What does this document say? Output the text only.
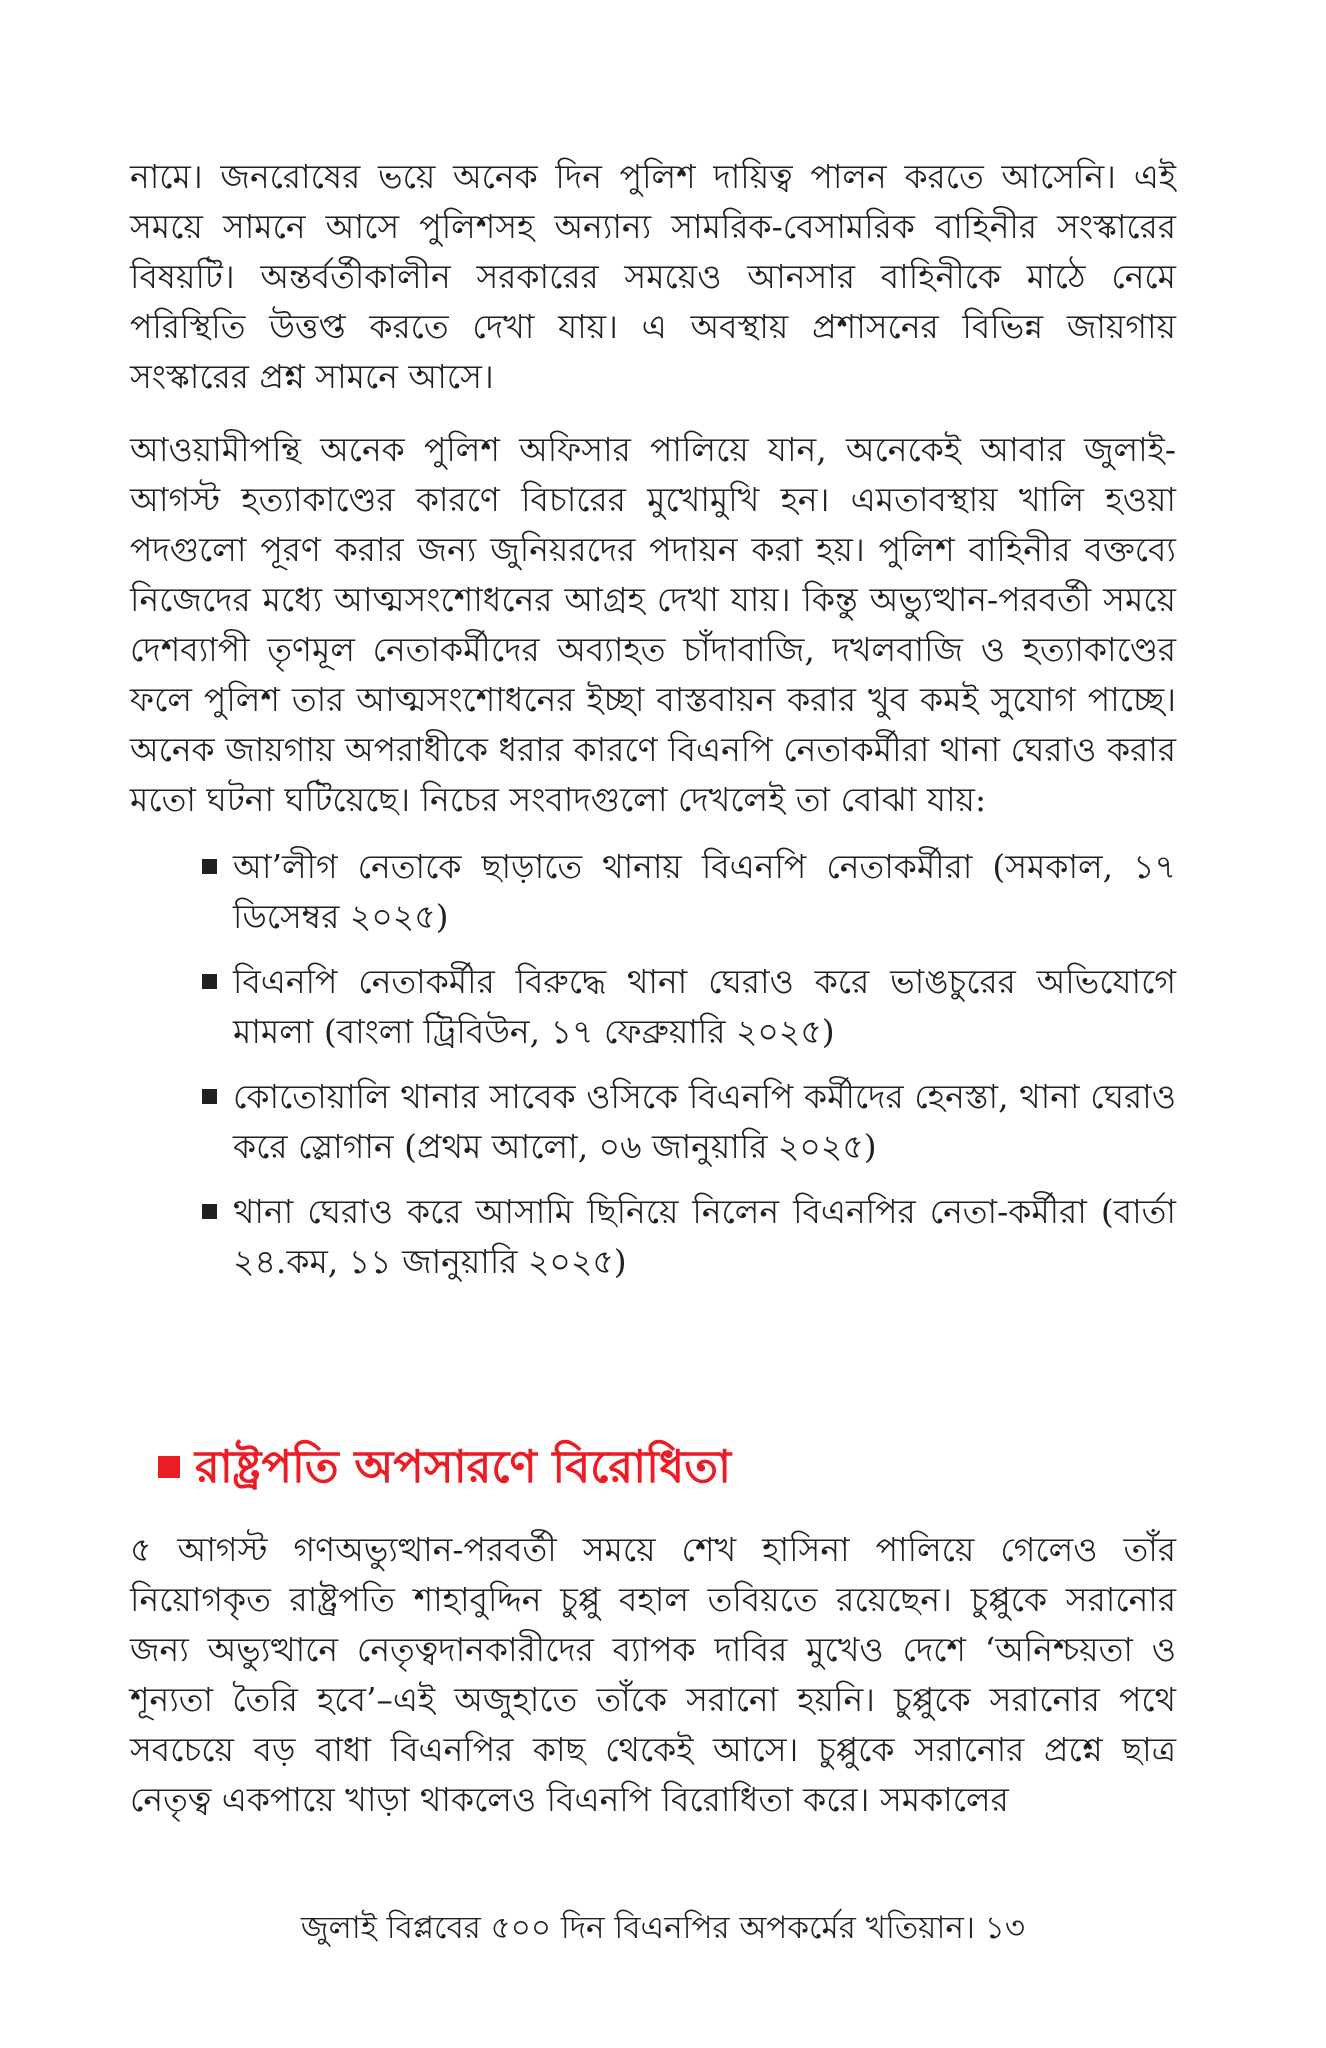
নামে। জনরোষের ভয়ে অনেক দিন পুলিশ দায়িত্ব পালন করতে আসেনি। এই সময়ে সামনে আসে পুলিশসহ অন্যান্য সামরিক-বেসামরিক বাহিনীর সংস্কারের বিষয়টি। অন্তর্বর্তীকালীন সরকারের সময়েও আনসার বাহিনীকে মাঠে নেমে পরিস্থিতি উত্তপ্ত করতে দেখা যায়। এ অবস্থায় প্রশাসনের বিভিন্ন জায়গায় সংস্কারের প্রশ্ন সামনে আসে।

আওয়ামীপন্থি অনেক পুলিশ অফিসার পালিয়ে যান, অনেকেই আবার জুলাই-আগস্ট হত্যাকাণ্ডের কারণে বিচারের মুখোমুখি হন। এমতাবস্থায় খালি হওয়া পদগুলো পূরণ করার জন্য জুনিয়রদের পদায়ন করা হয়। পুলিশ বাহিনীর বক্তব্যে নিজেদের মধ্যে আত্মসংশোধনের আগ্রহ দেখা যায়। কিন্তু অভ্যুত্থান-পরবর্তী সময়ে দেশব্যাপী তৃণমূল নেতাকর্মীদের অব্যাহত চাঁদাবাজি, দখলবাজি ও হত্যাকাণ্ডের ফলে পুলিশ তার আত্মসংশোধনের ইচ্ছা বাস্তবায়ন করার খুব কমই সুযোগ পাচ্ছে। অনেক জায়গায় অপরাধীকে ধরার কারণে বিএনপি নেতাকর্মীরা থানা ঘেরাও করার মতো ঘটনা ঘটিয়েছে। নিচের সংবাদগুলো দেখলেই তা বোঝা যায়:

আ’লীগ নেতাকে ছাড়াতে থানায় বিএনপি নেতাকর্মীরা (সমকাল, ১৭ ডিসেম্বর ২০২৫)
বিএনপি নেতাকর্মীর বিরুদ্ধে থানা ঘেরাও করে ভাঙচুরের অভিযোগে মামলা (বাংলা ট্রিবিউন, ১৭ ফেব্রুয়ারি ২০২৫)
কোতোয়ালি থানার সাবেক ওসিকে বিএনপি কর্মীদের হেনস্তা, থানা ঘেরাও করে স্লোগান (প্রথম আলো, ০৬ জানুয়ারি ২০২৫)
থানা ঘেরাও করে আসামি ছিনিয়ে নিলেন বিএনপির নেতা-কর্মীরা (বার্তা ২৪.কম, ১১ জানুয়ারি ২০২৫)
রাষ্ট্রপতি অপসারণে বিরোধিতা

৫ আগস্ট গণঅভ্যুত্থান-পরবর্তী সময়ে শেখ হাসিনা পালিয়ে গেলেও তাঁর নিয়োগকৃত রাষ্ট্রপতি শাহাবুদ্দিন চুপ্পু বহাল তবিয়তে রয়েছেন। চুপ্পুকে সরানোর জন্য অভ্যুত্থানে নেতৃত্বদানকারীদের ব্যাপক দাবির মুখেও দেশে ‘অনিশ্চয়তা ও শূন্যতা তৈরি হবে’–এই অজুহাতে তাঁকে সরানো হয়নি। চুপ্পুকে সরানোর পথে সবচেয়ে বড় বাধা বিএনপির কাছ থেকেই আসে। চুপ্পুকে সরানোর প্রশ্নে ছাত্র নেতৃত্ব একপায়ে খাড়া থাকলেও বিএনপি বিরোধিতা করে। সমকালের

জুলাই বিপ্লবের ৫০০ দিন বিএনপির অপকর্মের খতিয়ান। ১৩
